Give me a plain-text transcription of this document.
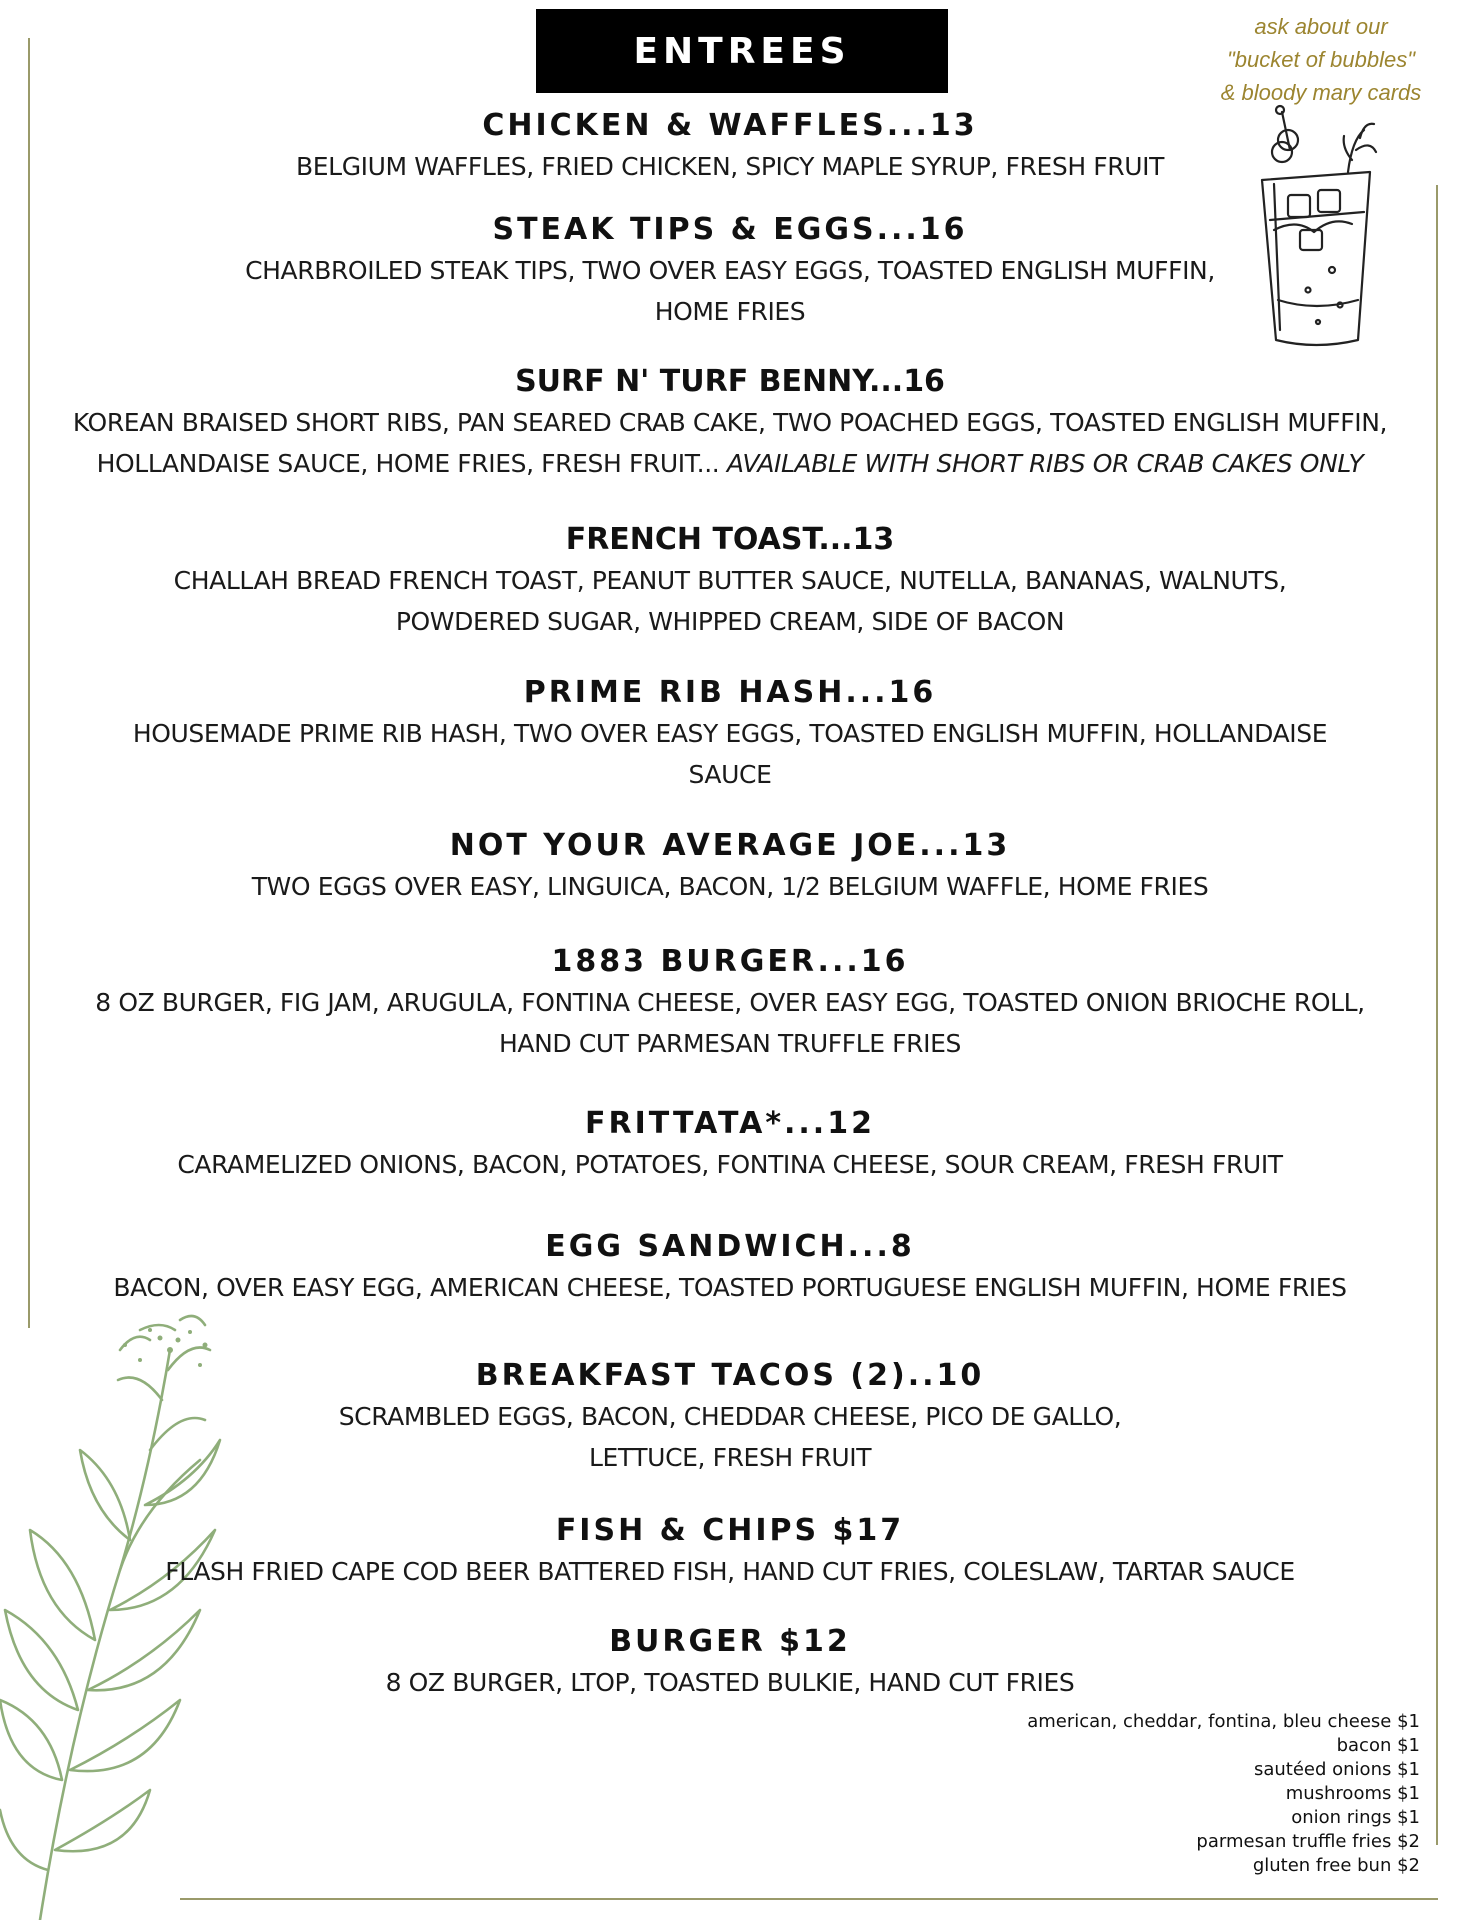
ENTREES
ask about our
"bucket of bubbles"
& bloody mary cards
CHICKEN & WAFFLES...13
BELGIUM WAFFLES, FRIED CHICKEN, SPICY MAPLE SYRUP, FRESH FRUIT
STEAK TIPS & EGGS...16
CHARBROILED STEAK TIPS, TWO OVER EASY EGGS, TOASTED ENGLISH MUFFIN,
HOME FRIES
SURF N' TURF BENNY...16
KOREAN BRAISED SHORT RIBS, PAN SEARED CRAB CAKE, TWO POACHED EGGS, TOASTED ENGLISH MUFFIN,
HOLLANDAISE SAUCE, HOME FRIES, FRESH FRUIT... AVAILABLE WITH SHORT RIBS OR CRAB CAKES ONLY
FRENCH TOAST...13
CHALLAH BREAD FRENCH TOAST, PEANUT BUTTER SAUCE, NUTELLA, BANANAS, WALNUTS,
POWDERED SUGAR, WHIPPED CREAM, SIDE OF BACON
PRIME RIB HASH...16
HOUSEMADE PRIME RIB HASH, TWO OVER EASY EGGS, TOASTED ENGLISH MUFFIN, HOLLANDAISE
SAUCE
NOT YOUR AVERAGE JOE...13
TWO EGGS OVER EASY, LINGUICA, BACON, 1/2 BELGIUM WAFFLE, HOME FRIES
1883 BURGER...16
8 OZ BURGER, FIG JAM, ARUGULA, FONTINA CHEESE, OVER EASY EGG, TOASTED ONION BRIOCHE ROLL,
HAND CUT PARMESAN TRUFFLE FRIES
FRITTATA*...12
CARAMELIZED ONIONS, BACON, POTATOES, FONTINA CHEESE, SOUR CREAM, FRESH FRUIT
EGG SANDWICH...8
BACON, OVER EASY EGG, AMERICAN CHEESE, TOASTED PORTUGUESE ENGLISH MUFFIN, HOME FRIES
BREAKFAST TACOS (2)..10
SCRAMBLED EGGS, BACON, CHEDDAR CHEESE, PICO DE GALLO,
LETTUCE, FRESH FRUIT
FISH & CHIPS $17
FLASH FRIED CAPE COD BEER BATTERED FISH, HAND CUT FRIES, COLESLAW, TARTAR SAUCE
BURGER $12
8 OZ BURGER, LTOP, TOASTED BULKIE, HAND CUT FRIES
american, cheddar, fontina, bleu cheese $1
bacon $1
sautéed onions $1
mushrooms $1
onion rings $1
parmesan truffle fries $2
gluten free bun $2
